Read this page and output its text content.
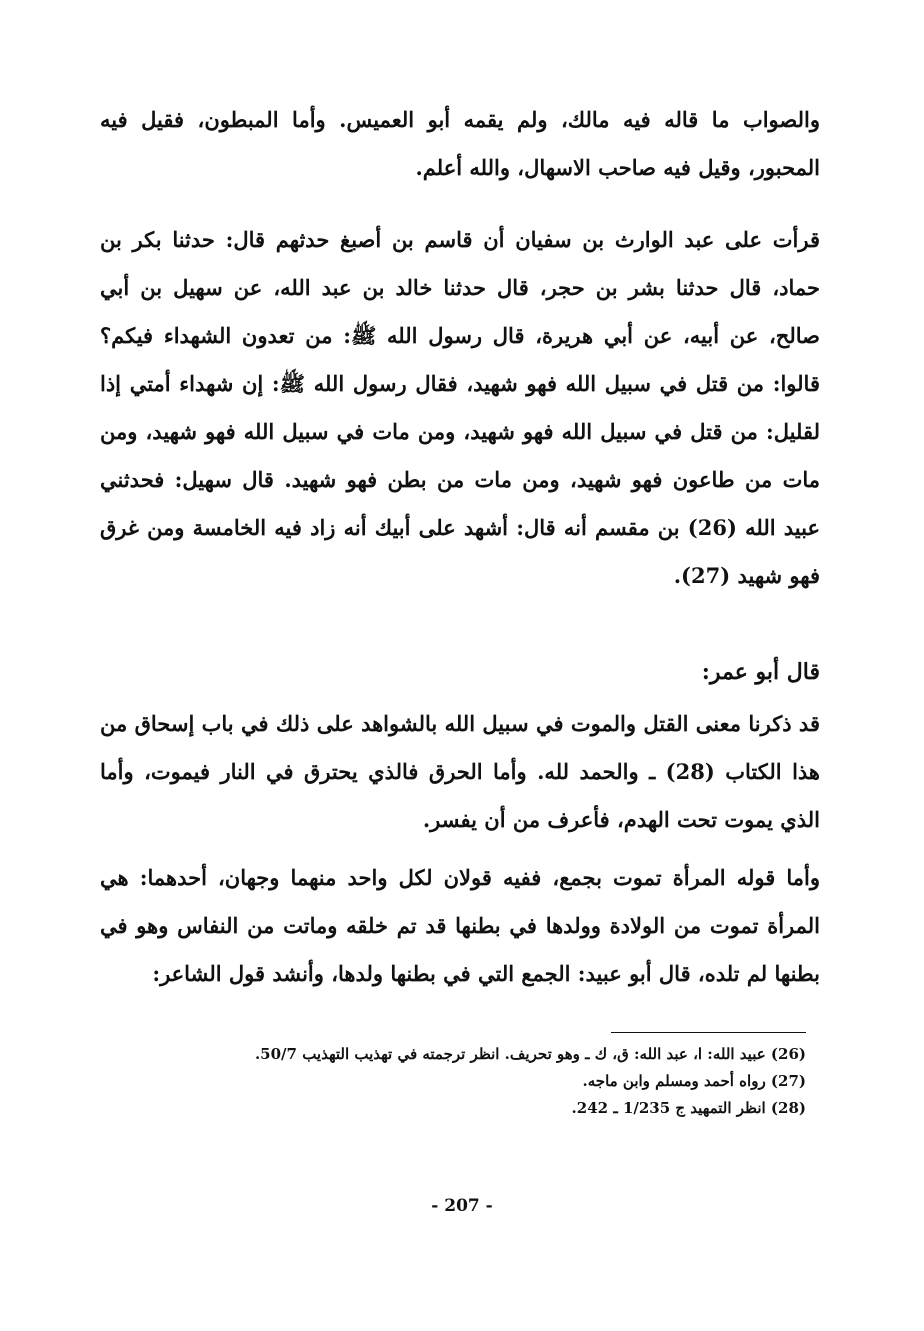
والصواب ما قاله فيه مالك، ولم يقمه أبو العميس. وأما المبطون، فقيل فيه المحبور، وقيل فيه صاحب الاسهال، والله أعلم.

قرأت على عبد الوارث بن سفيان أن قاسم بن أصبغ حدثهم قال: حدثنا بكر بن حماد، قال حدثنا بشر بن حجر، قال حدثنا خالد بن عبد الله، عن سهيل بن أبي صالح، عن أبيه، عن أبي هريرة، قال رسول الله ﷺ: من تعدون الشهداء فيكم؟ قالوا: من قتل في سبيل الله فهو شهيد، فقال رسول الله ﷺ: إن شهداء أمتي إذا لقليل: من قتل في سبيل الله فهو شهيد، ومن مات في سبيل الله فهو شهيد، ومن مات من طاعون فهو شهيد، ومن مات من بطن فهو شهيد. قال سهيل: فحدثني عبيد الله (26) بن مقسم أنه قال: أشهد على أبيك أنه زاد فيه الخامسة ومن غرق فهو شهيد (27).

قال أبو عمر:

قد ذكرنا معنى القتل والموت في سبيل الله بالشواهد على ذلك في باب إسحاق من هذا الكتاب (28) ـ والحمد لله. وأما الحرق فالذي يحترق في النار فيموت، وأما الذي يموت تحت الهدم، فأعرف من أن يفسر.

وأما قوله المرأة تموت بجمع، ففيه قولان لكل واحد منهما وجهان، أحدهما: هي المرأة تموت من الولادة وولدها في بطنها قد تم خلقه وماتت من النفاس وهو في بطنها لم تلده، قال أبو عبيد: الجمع التي في بطنها ولدها، وأنشد قول الشاعر:

(26) عبيد الله: ا، عبد الله: ق، ك ـ وهو تحريف. انظر ترجمته في تهذيب التهذيب 50/7.

(27) رواه أحمد ومسلم وابن ماجه.

(28) انظر التمهيد ج 1/235 ـ 242.

- 207 -
